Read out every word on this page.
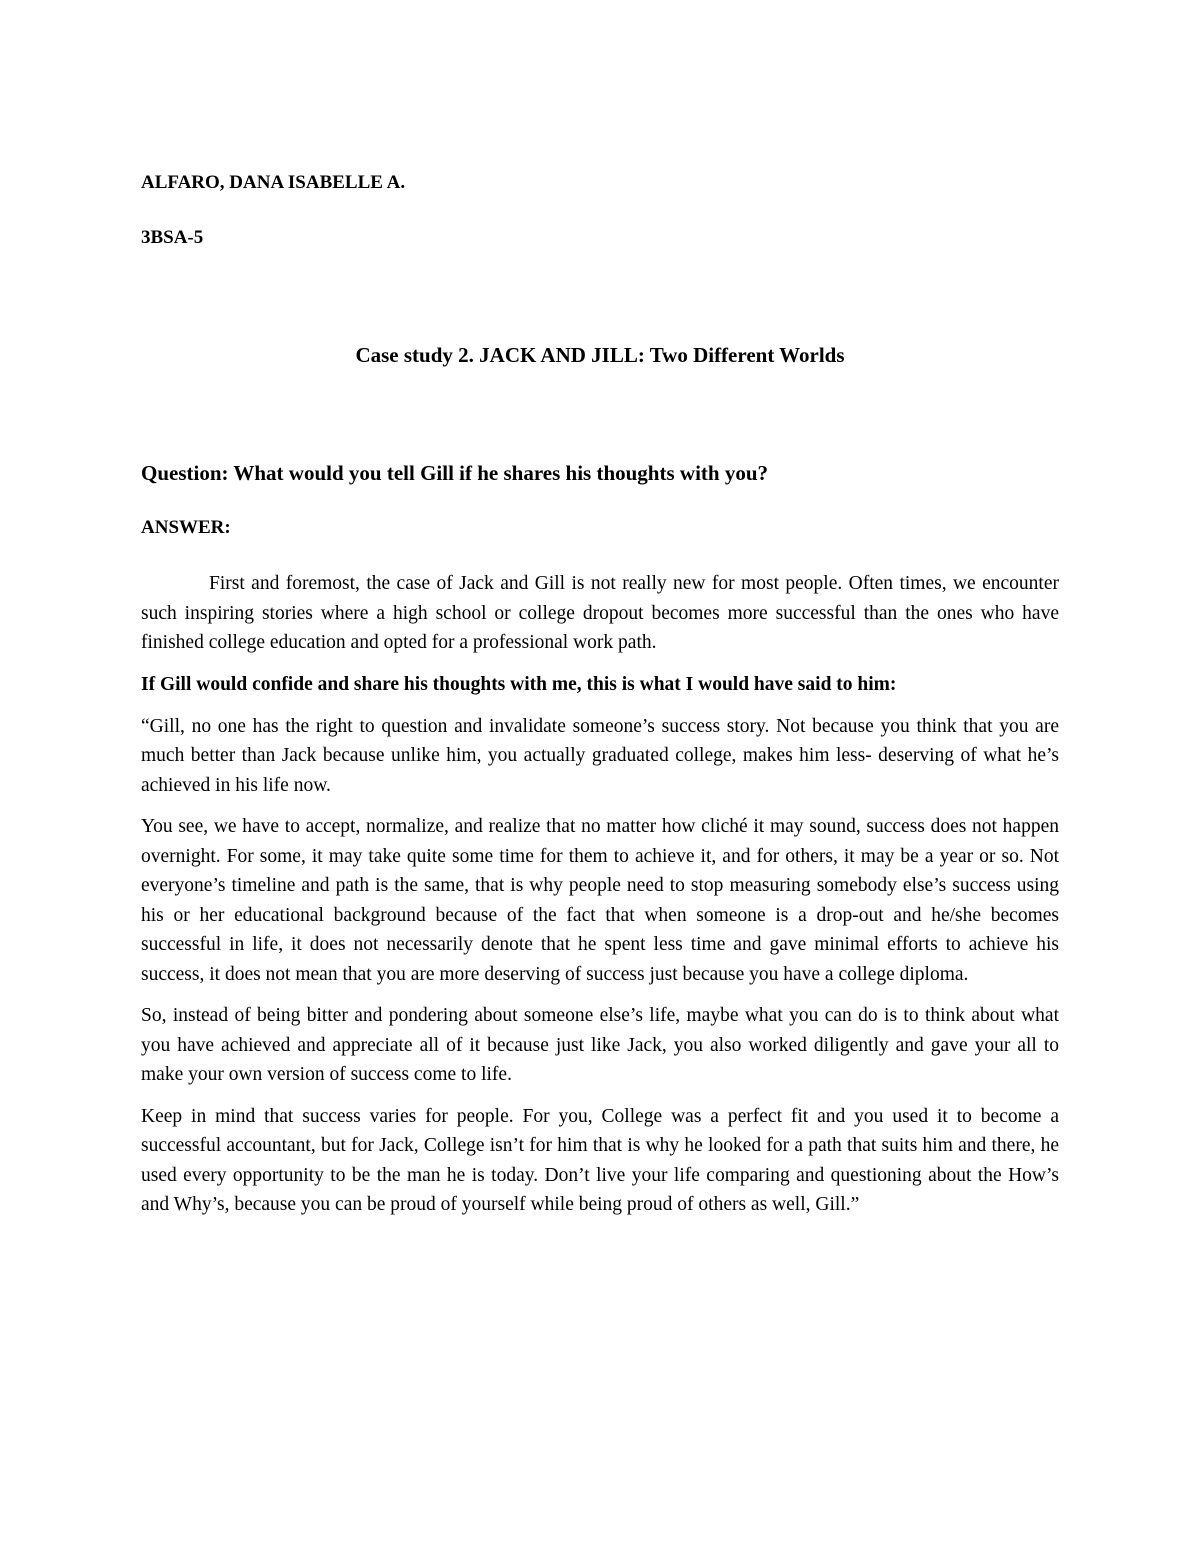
ALFARO, DANA ISABELLE A.

3BSA-5

Case study 2. JACK AND JILL: Two Different Worlds

Question: What would you tell Gill if he shares his thoughts with you?

ANSWER:

First and foremost, the case of Jack and Gill is not really new for most people. Often times, we encounter such inspiring stories where a high school or college dropout becomes more successful than the ones who have finished college education and opted for a professional work path.

If Gill would confide and share his thoughts with me, this is what I would have said to him:

“Gill, no one has the right to question and invalidate someone’s success story. Not because you think that you are much better than Jack because unlike him, you actually graduated college, makes him less- deserving of what he’s achieved in his life now.

You see, we have to accept, normalize, and realize that no matter how cliché it may sound, success does not happen overnight. For some, it may take quite some time for them to achieve it, and for others, it may be a year or so. Not everyone’s timeline and path is the same, that is why people need to stop measuring somebody else’s success using his or her educational background because of the fact that when someone is a drop-out and he/she becomes successful in life, it does not necessarily denote that he spent less time and gave minimal efforts to achieve his success, it does not mean that you are more deserving of success just because you have a college diploma.

So, instead of being bitter and pondering about someone else’s life, maybe what you can do is to think about what you have achieved and appreciate all of it because just like Jack, you also worked diligently and gave your all to make your own version of success come to life.

Keep in mind that success varies for people. For you, College was a perfect fit and you used it to become a successful accountant, but for Jack, College isn’t for him that is why he looked for a path that suits him and there, he used every opportunity to be the man he is today. Don’t live your life comparing and questioning about the How’s and Why’s, because you can be proud of yourself while being proud of others as well, Gill.”
